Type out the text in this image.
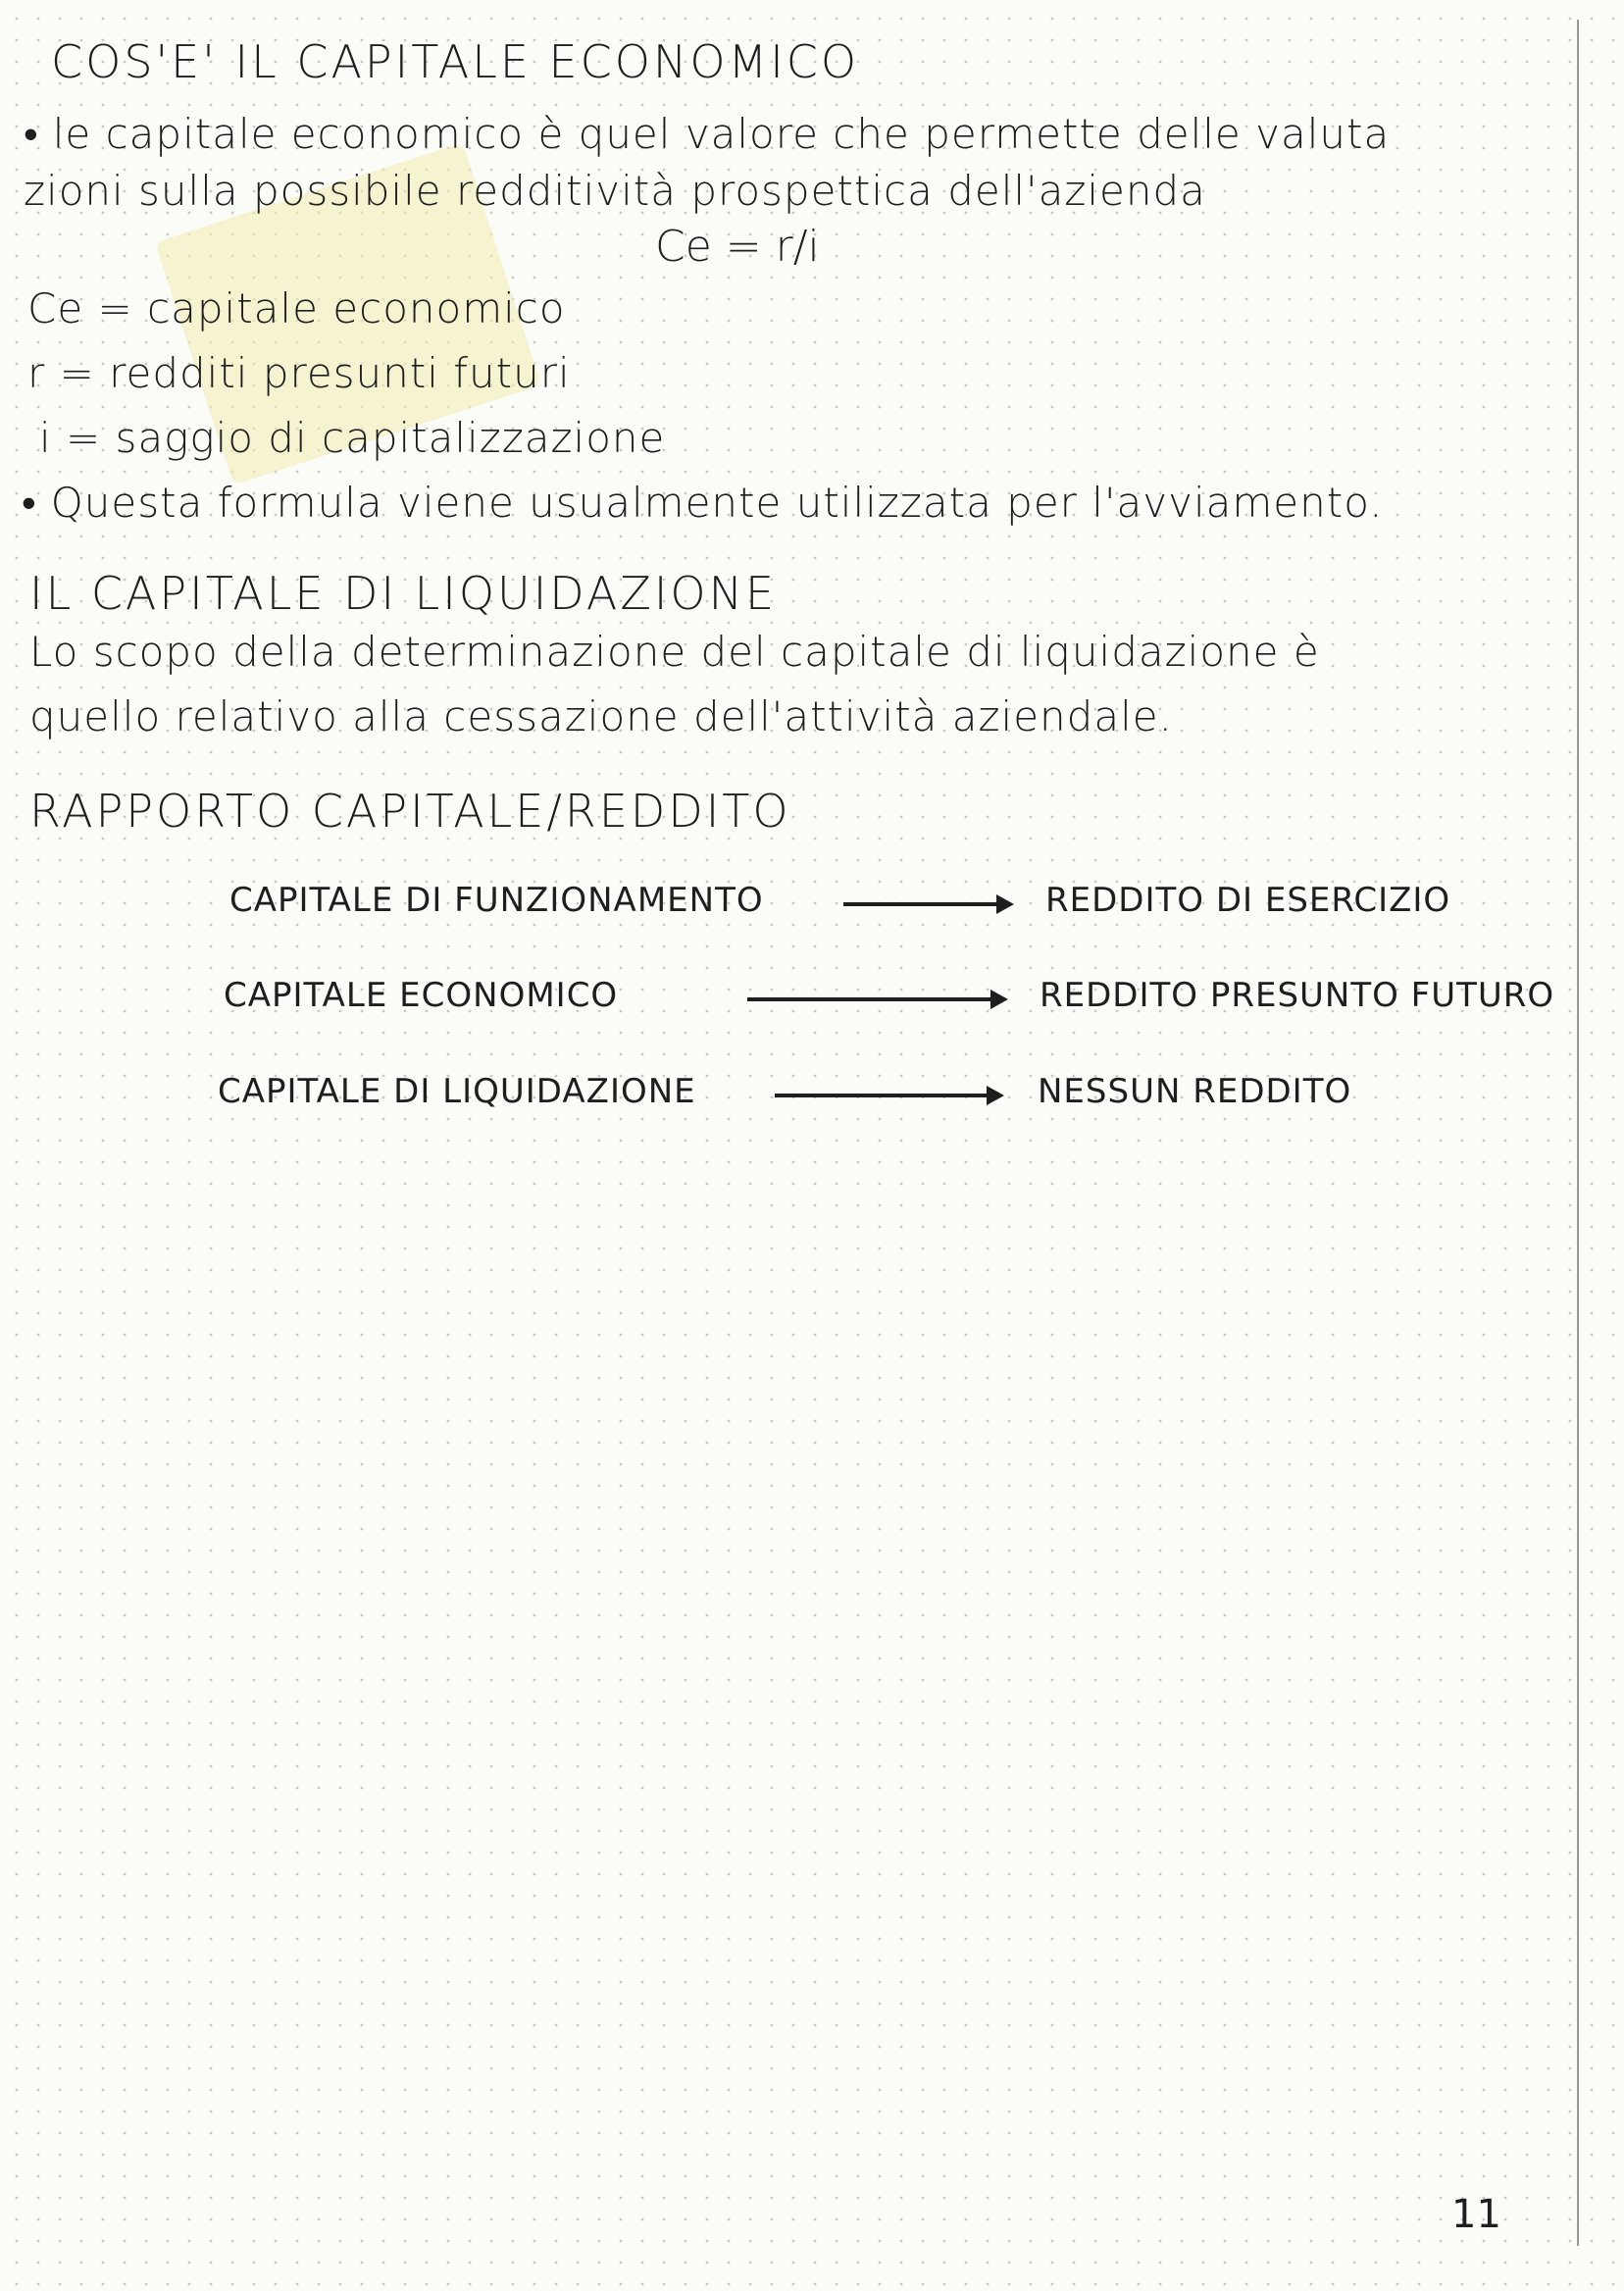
COS'E' IL CAPITALE ECONOMICO
• le capitale economico è quel valore che permette delle valuta
zioni sulla possibile redditività prospettica dell'azienda
Ce = r/i
Ce = capitale economico
r = redditi presunti futuri
i = saggio di capitalizzazione
• Questa formula viene usualmente utilizzata per l'avviamento.
IL CAPITALE DI LIQUIDAZIONE
Lo scopo della determinazione del capitale di liquidazione è
quello relativo alla cessazione dell'attività aziendale.
RAPPORTO CAPITALE/REDDITO
CAPITALE DI FUNZIONAMENTO	REDDITO DI ESERCIZIO
CAPITALE ECONOMICO	REDDITO PRESUNTO FUTURO
CAPITALE DI LIQUIDAZIONE	NESSUN REDDITO
11
